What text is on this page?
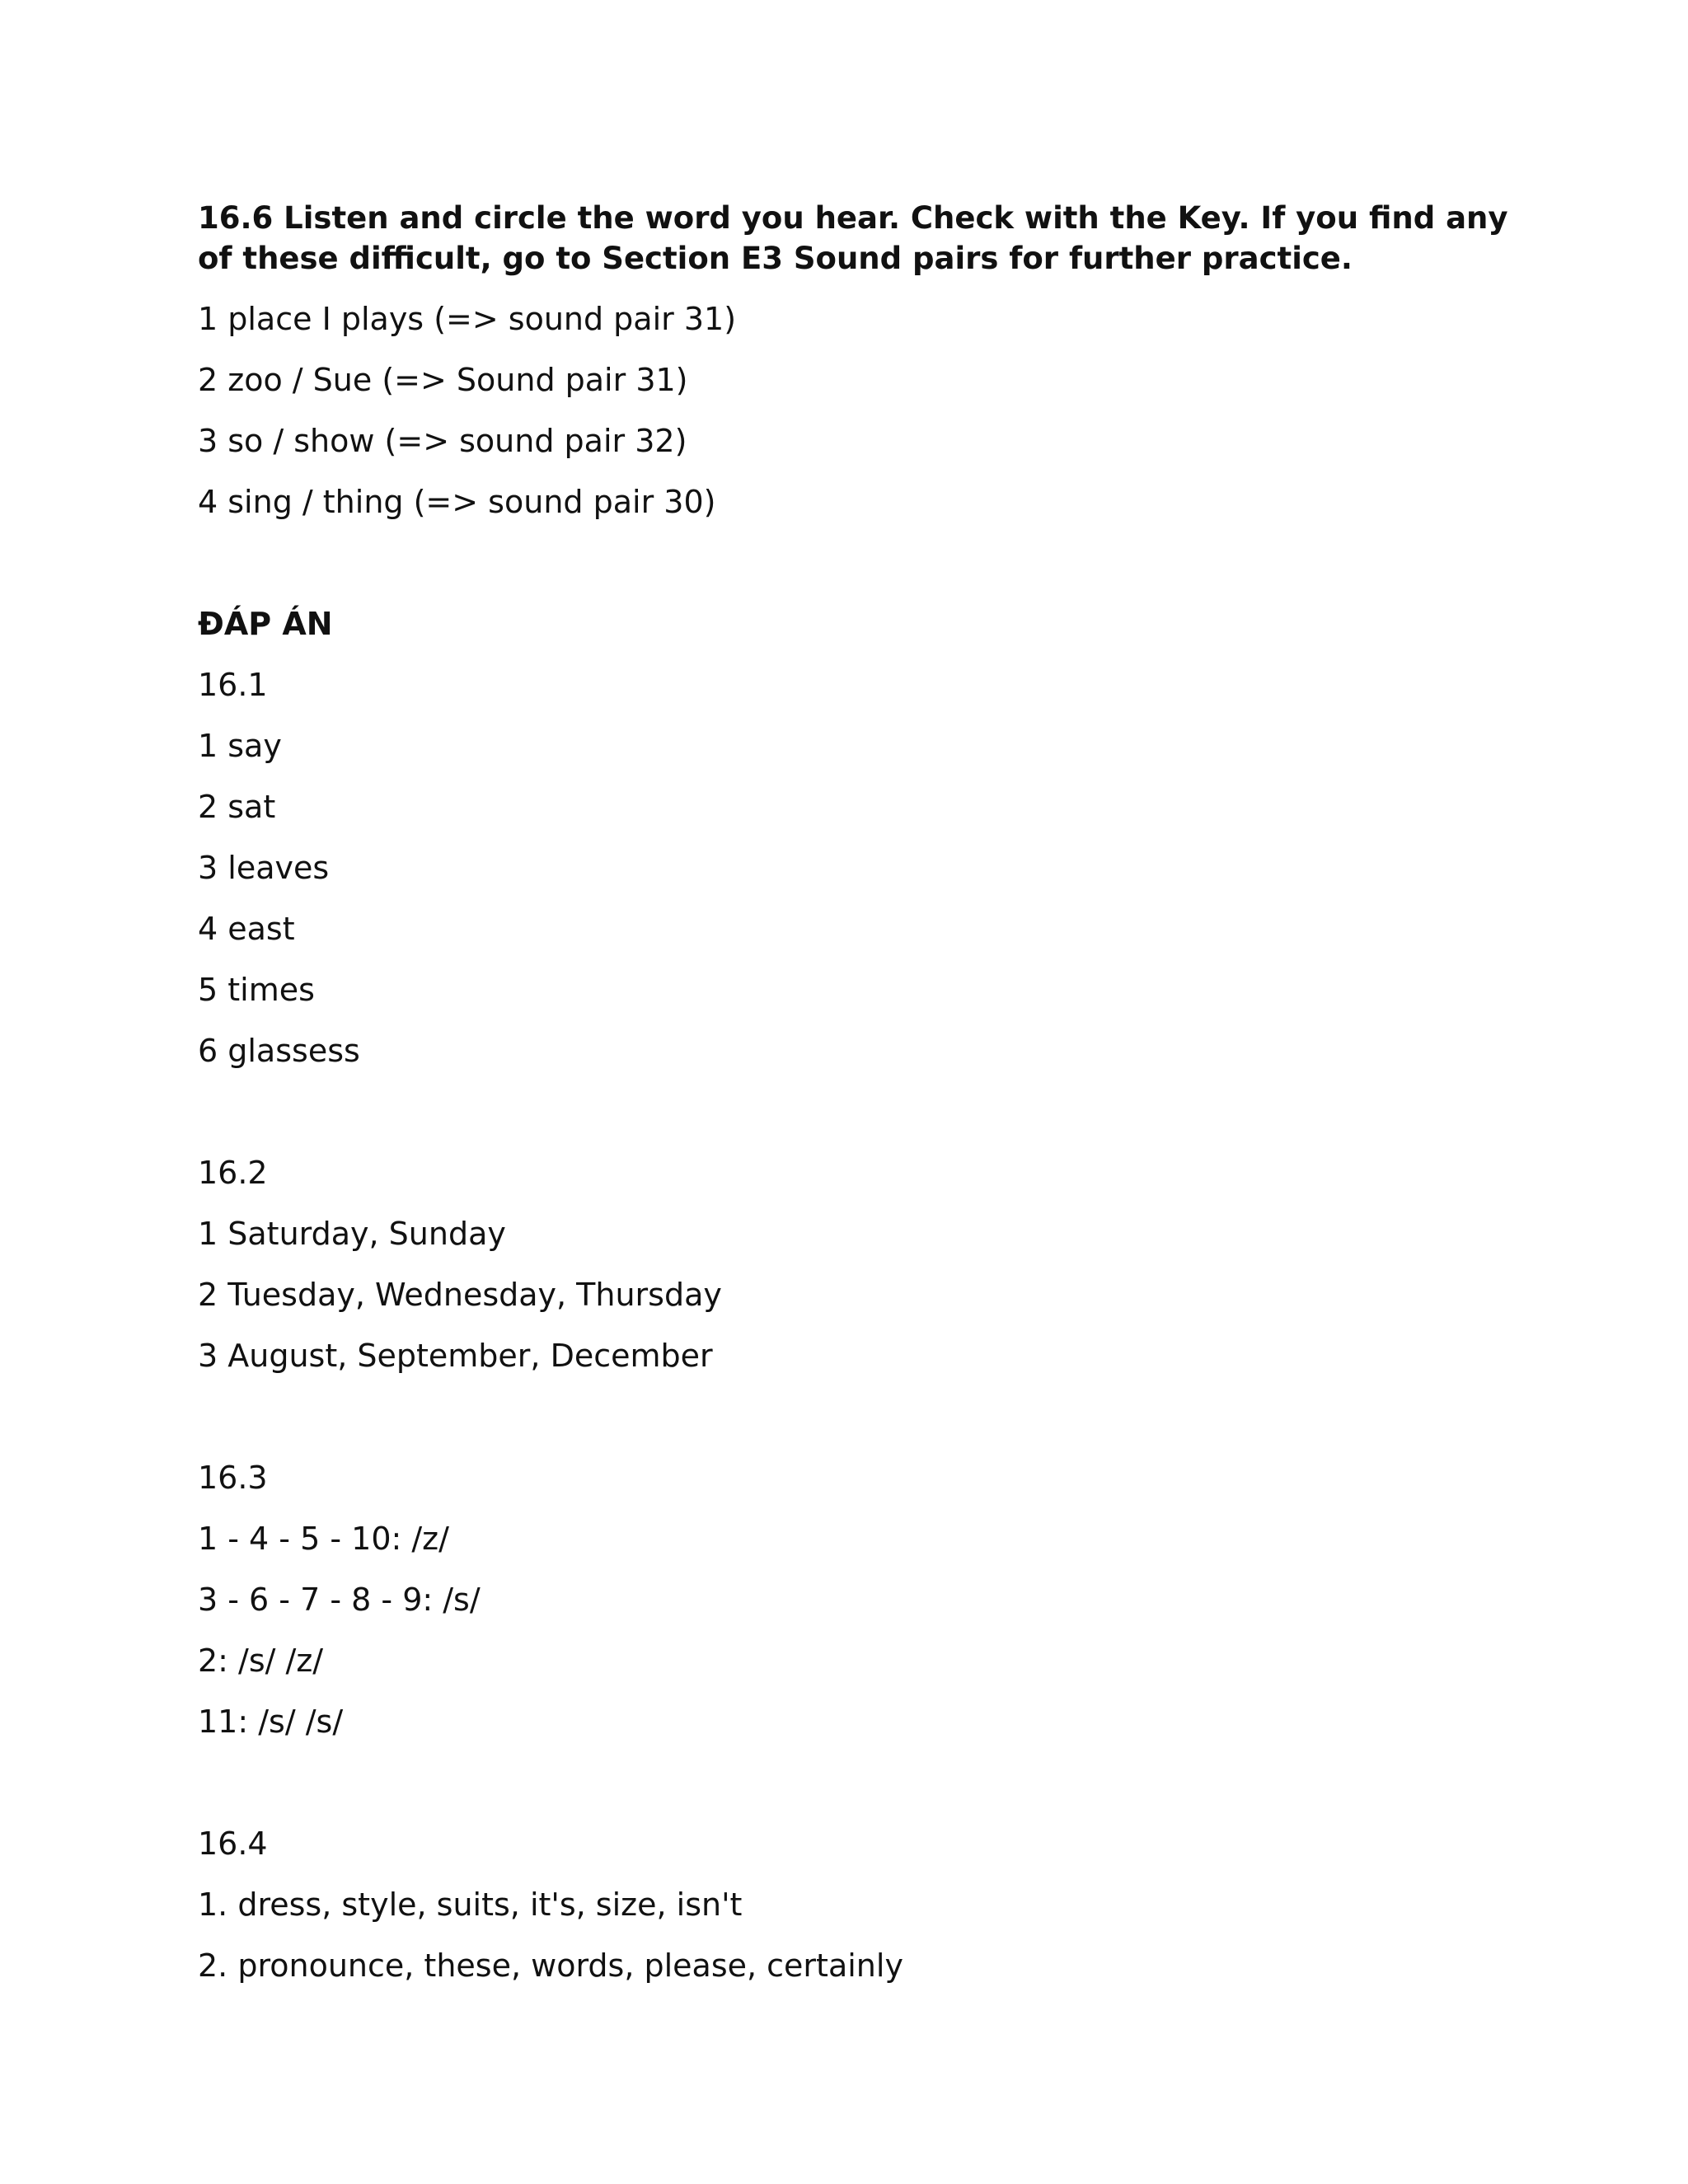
16.6 Listen and circle the word you hear. Check with the Key. If you find any of these difficult, go to Section E3 Sound pairs for further practice.
1 place I plays (=> sound pair 31)
2 zoo / Sue (=> Sound pair 31)
3 so / show (=> sound pair 32)
4 sing / thing (=> sound pair 30)
ĐÁP ÁN
16.1
1 say
2 sat
3 leaves
4 east
5 times
6 glassess
16.2
1 Saturday, Sunday
2 Tuesday, Wednesday, Thursday
3 August, September, December
16.3
1 - 4 - 5 - 10: /z/
3 - 6 - 7 - 8 - 9: /s/
2: /s/ /z/
11: /s/ /s/
16.4
1. dress, style, suits, it's, size, isn't
2. pronounce, these, words, please, certainly
